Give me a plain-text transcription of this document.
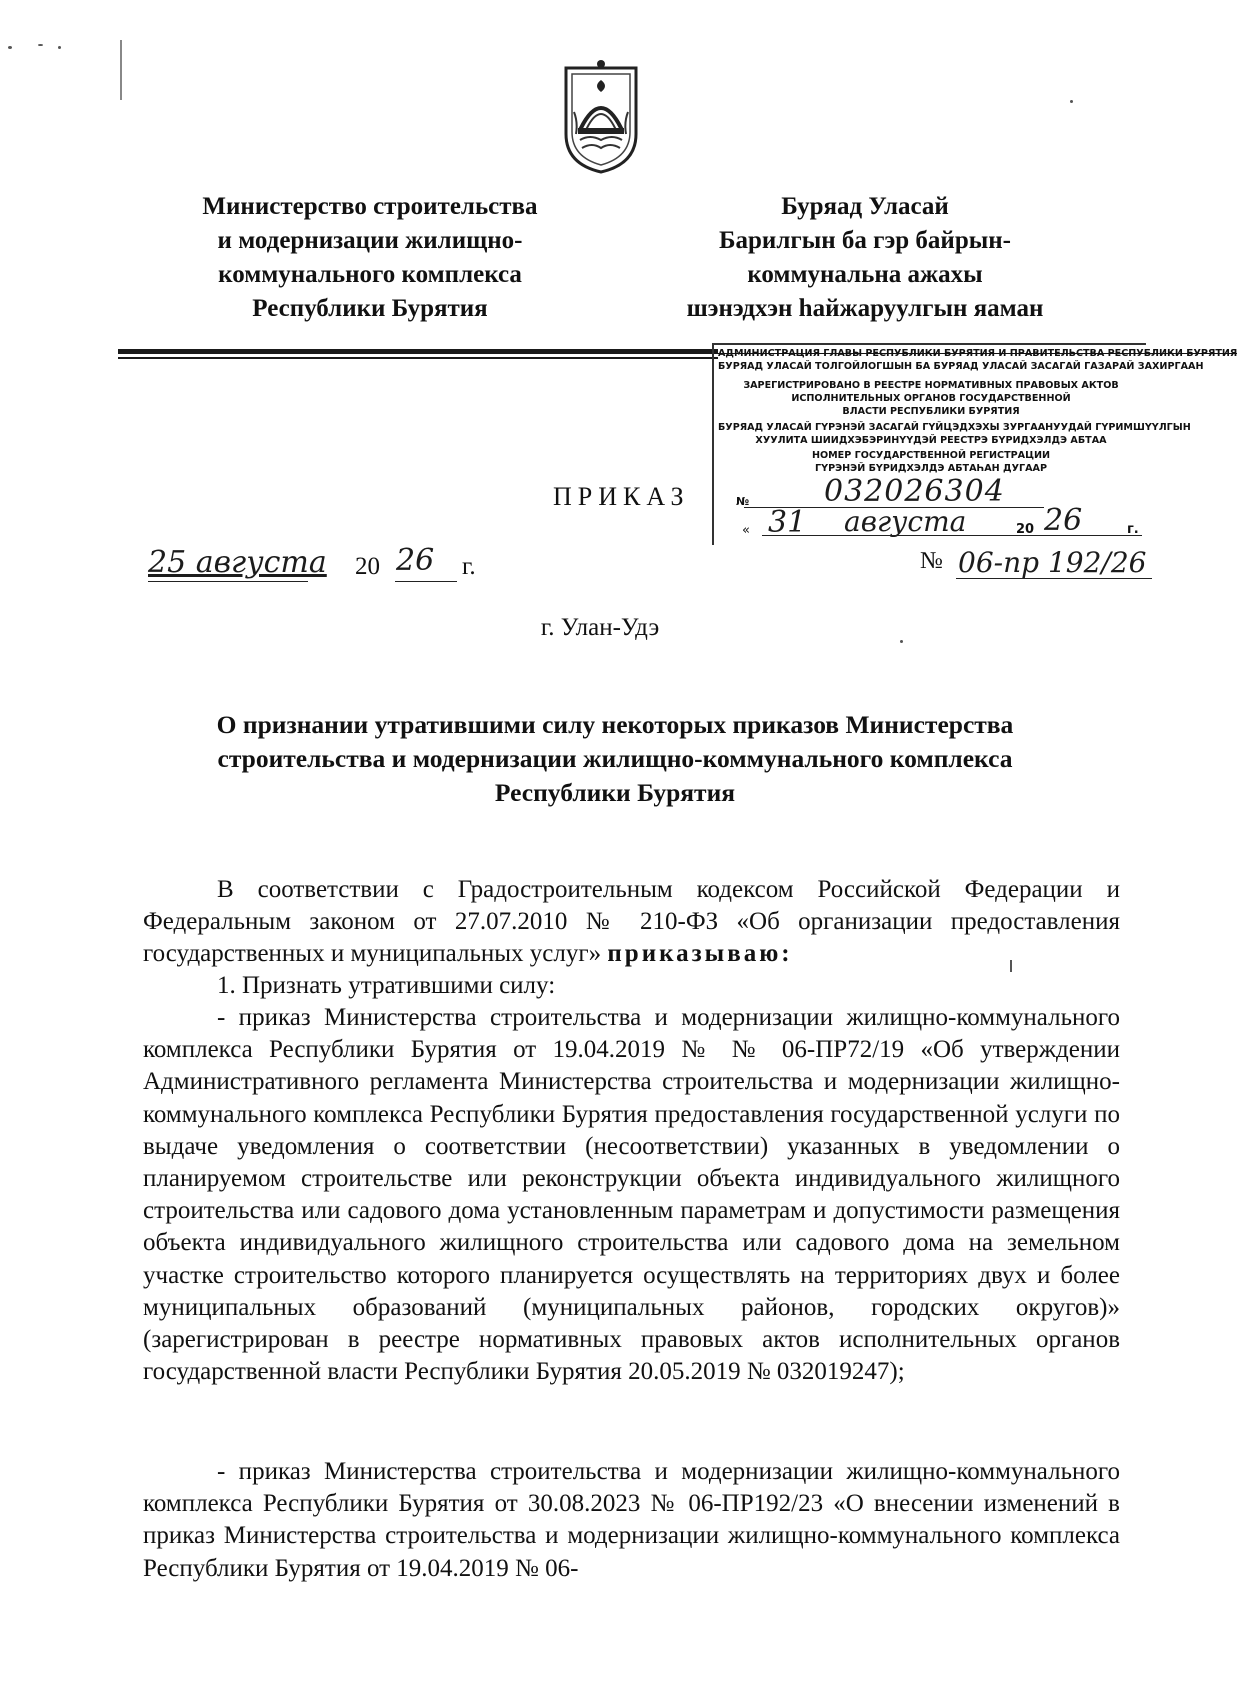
Министерство строительства
и модернизации жилищно-
коммунального комплекса
Республики Бурятия
Буряад Уласай
Барилгын ба гэр байрын-
коммунальна ажахы
шэнэдхэн һайжаруулгын яаман
АДМИНИСТРАЦИЯ ГЛАВЫ РЕСПУБЛИКИ БУРЯТИЯ И ПРАВИТЕЛЬСТВА РЕСПУБЛИКИ БУРЯТИЯ
БУРЯАД УЛАСАЙ ТОЛГОЙЛОГШЫН БА БУРЯАД УЛАСАЙ ЗАСАГАЙ ГАЗАРАЙ ЗАХИРГААН
ЗАРЕГИСТРИРОВАНО В РЕЕСТРЕ НОРМАТИВНЫХ ПРАВОВЫХ АКТОВ
ИСПОЛНИТЕЛЬНЫХ ОРГАНОВ ГОСУДАРСТВЕННОЙ
ВЛАСТИ РЕСПУБЛИКИ БУРЯТИЯ
БУРЯАД УЛАСАЙ ГҮРЭНЭЙ ЗАСАГАЙ ГҮЙЦЭДХЭХЫ ЗУРГААНУУДАЙ ГҮРИМШҮҮЛГЫН
ХУУЛИТА ШИИДХЭБЭРИНҮҮДЭЙ РЕЕСТРЭ БҮРИДХЭЛДЭ АБТАА
НОМЕР ГОСУДАРСТВЕННОЙ РЕГИСТРАЦИИ
ГҮРЭНЭЙ БҮРИДХЭЛДЭ АБТАҺАН ДУГААР
№ 032026304
« 31 августа	20 26	г.
ПРИКАЗ
25 августа 20 26 г.	№ 06-пр 192/26
г. Улан-Удэ
О признании утратившими силу некоторых приказов Министерства строительства и модернизации жилищно-коммунального комплекса Республики Бурятия
В соответствии с Градостроительным кодексом Российской Федерации и Федеральным законом от 27.07.2010 № 210-ФЗ «Об организации предоставления государственных и муниципальных услуг» приказываю:
1. Признать утратившими силу:
- приказ Министерства строительства и модернизации жилищно-коммунального комплекса Республики Бурятия от 19.04.2019 № № 06-ПР72/19 «Об утверждении Административного регламента Министерства строительства и модернизации жилищно-коммунального комплекса Республики Бурятия предоставления государственной услуги по выдаче уведомления о соответствии (несоответствии) указанных в уведомлении о планируемом строительстве или реконструкции объекта индивидуального жилищного строительства или садового дома установленным параметрам и допустимости размещения объекта индивидуального жилищного строительства или садового дома на земельном участке строительство которого планируется осуществлять на территориях двух и более муниципальных образований (муниципальных районов, городских округов)» (зарегистрирован в реестре нормативных правовых актов исполнительных органов государственной власти Республики Бурятия 20.05.2019 № 032019247);
- приказ Министерства строительства и модернизации жилищно-коммунального комплекса Республики Бурятия от 30.08.2023 № 06-ПР192/23 «О внесении изменений в приказ Министерства строительства и модернизации жилищно-коммунального комплекса Республики Бурятия от 19.04.2019 № 06-
